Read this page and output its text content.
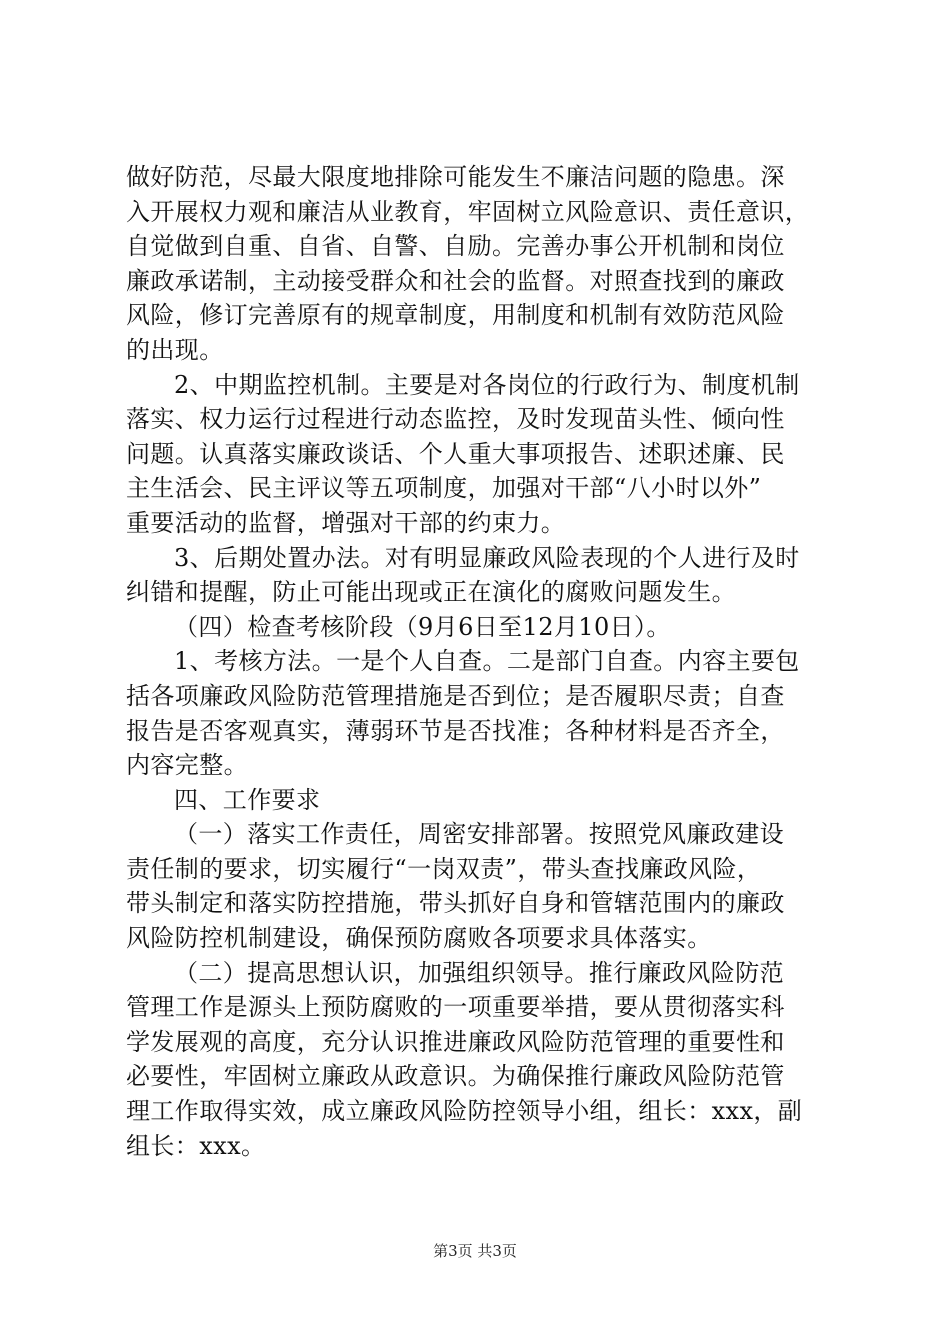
做好防范，尽最大限度地排除可能发生不廉洁问题的隐患。深
入开展权力观和廉洁从业教育，牢固树立风险意识、责任意识，
自觉做到自重、自省、自警、自励。完善办事公开机制和岗位
廉政承诺制，主动接受群众和社会的监督。对照查找到的廉政
风险，修订完善原有的规章制度，用制度和机制有效防范风险
的出现。
2、中期监控机制。主要是对各岗位的行政行为、制度机制
落实、权力运行过程进行动态监控，及时发现苗头性、倾向性
问题。认真落实廉政谈话、个人重大事项报告、述职述廉、民
主生活会、民主评议等五项制度，加强对干部“八小时以外”
重要活动的监督，增强对干部的约束力。
3、后期处置办法。对有明显廉政风险表现的个人进行及时
纠错和提醒，防止可能出现或正在演化的腐败问题发生。
（四）检查考核阶段（9月6日至12月10日）。
1、考核方法。一是个人自查。二是部门自查。内容主要包
括各项廉政风险防范管理措施是否到位；是否履职尽责；自查
报告是否客观真实，薄弱环节是否找准；各种材料是否齐全，
内容完整。
四、工作要求
（一）落实工作责任，周密安排部署。按照党风廉政建设
责任制的要求，切实履行“一岗双责”，带头查找廉政风险，
带头制定和落实防控措施，带头抓好自身和管辖范围内的廉政
风险防控机制建设，确保预防腐败各项要求具体落实。
（二）提高思想认识，加强组织领导。推行廉政风险防范
管理工作是源头上预防腐败的一项重要举措，要从贯彻落实科
学发展观的高度，充分认识推进廉政风险防范管理的重要性和
必要性，牢固树立廉政从政意识。为确保推行廉政风险防范管
理工作取得实效，成立廉政风险防控领导小组，组长：xxx，副
组长：xxx。
第3页 共3页
